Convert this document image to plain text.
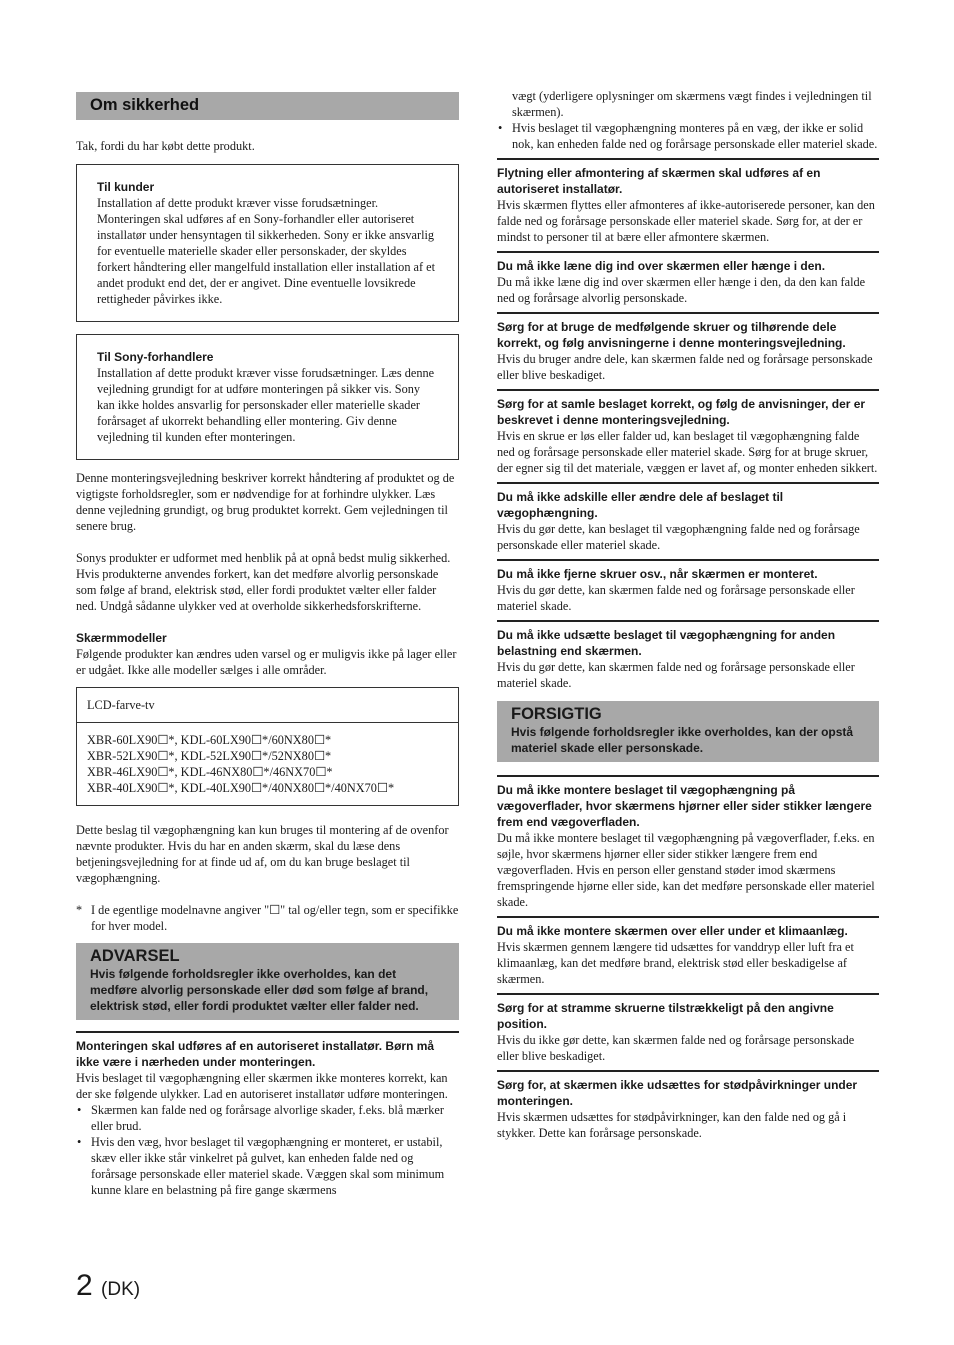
Om sikkerhed

Tak, fordi du har købt dette produkt.

Til kunder

Installation af dette produkt kræver visse forudsætninger. Monteringen skal udføres af en Sony-forhandler eller autoriseret installatør under hensyntagen til sikkerheden. Sony er ikke ansvarlig for eventuelle materielle skader eller personskader, der skyldes forkert håndtering eller mangelfuld installation eller installation af et andet produkt end det, der er angivet. Dine eventuelle lovsikrede rettigheder påvirkes ikke.

Til Sony-forhandlere

Installation af dette produkt kræver visse forudsætninger. Læs denne vejledning grundigt for at udføre monteringen på sikker vis. Sony kan ikke holdes ansvarlig for personskader eller materielle skader forårsaget af ukorrekt behandling eller montering. Giv denne vejledning til kunden efter monteringen.

Denne monteringsvejledning beskriver korrekt håndtering af produktet og de vigtigste forholdsregler, som er nødvendige for at forhindre ulykker. Læs denne vejledning grundigt, og brug produktet korrekt. Gem vejledningen til senere brug.

Sonys produkter er udformet med henblik på at opnå bedst mulig sikkerhed. Hvis produkterne anvendes forkert, kan det medføre alvorlig personskade som følge af brand, elektrisk stød, eller fordi produktet vælter eller falder ned. Undgå sådanne ulykker ved at overholde sikkerhedsforskrifterne.

Skærmmodeller

Følgende produkter kan ændres uden varsel og er muligvis ikke på lager eller er udgået. Ikke alle modeller sælges i alle områder.

LCD-farve-tv
XBR-60LX90☐*, KDL-60LX90☐*/60NX80☐*
XBR-52LX90☐*, KDL-52LX90☐*/52NX80☐*
XBR-46LX90☐*, KDL-46NX80☐*/46NX70☐*
XBR-40LX90☐*, KDL-40LX90☐*/40NX80☐*/40NX70☐*

Dette beslag til vægophængning kan kun bruges til montering af de ovenfor nævnte produkter. Hvis du har en anden skærm, skal du læse dens betjeningsvejledning for at finde ud af, om du kan bruge beslaget til vægophængning.

* I de egentlige modelnavne angiver "☐" tal og/eller tegn, som er specifikke for hver model.
ADVARSEL
Hvis følgende forholdsregler ikke overholdes, kan det medføre alvorlig personskade eller død som følge af brand, elektrisk stød, eller fordi produktet vælter eller falder ned.
Monteringen skal udføres af en autoriseret installatør. Børn må ikke være i nærheden under monteringen.

Hvis beslaget til vægophængning eller skærmen ikke monteres korrekt, kan der ske følgende ulykker. Lad en autoriseret installatør udføre monteringen.

• Skærmen kan falde ned og forårsage alvorlige skader, f.eks. blå mærker eller brud.
• Hvis den væg, hvor beslaget til vægophængning er monteret, er ustabil, skæv eller ikke står vinkelret på gulvet, kan enheden falde ned og forårsage personskade eller materiel skade. Væggen skal som minimum kunne klare en belastning på fire gange skærmens

vægt (yderligere oplysninger om skærmens vægt findes i vejledningen til skærmen).

• Hvis beslaget til vægophængning monteres på en væg, der ikke er solid nok, kan enheden falde ned og forårsage personskade eller materiel skade.
Flytning eller afmontering af skærmen skal udføres af en autoriseret installatør.

Hvis skærmen flyttes eller afmonteres af ikke-autoriserede personer, kan den falde ned og forårsage personskade eller materiel skade. Sørg for, at der er mindst to personer til at bære eller afmontere skærmen.

Du må ikke læne dig ind over skærmen eller hænge i den.

Du må ikke læne dig ind over skærmen eller hænge i den, da den kan falde ned og forårsage alvorlig personskade.

Sørg for at bruge de medfølgende skruer og tilhørende dele korrekt, og følg anvisningerne i denne monteringsvejledning.

Hvis du bruger andre dele, kan skærmen falde ned og forårsage personskade eller blive beskadiget.

Sørg for at samle beslaget korrekt, og følg de anvisninger, der er beskrevet i denne monteringsvejledning.

Hvis en skrue er løs eller falder ud, kan beslaget til vægophængning falde ned og forårsage personskade eller materiel skade. Sørg for at bruge skruer, der egner sig til det materiale, væggen er lavet af, og monter enheden sikkert.

Du må ikke adskille eller ændre dele af beslaget til vægophængning.

Hvis du gør dette, kan beslaget til vægophængning falde ned og forårsage personskade eller materiel skade.

Du må ikke fjerne skruer osv., når skærmen er monteret.

Hvis du gør dette, kan skærmen falde ned og forårsage personskade eller materiel skade.

Du må ikke udsætte beslaget til vægophængning for anden belastning end skærmen.

Hvis du gør dette, kan skærmen falde ned og forårsage personskade eller materiel skade.

FORSIGTIG
Hvis følgende forholdsregler ikke overholdes, kan der opstå materiel skade eller personskade.
Du må ikke montere beslaget til vægophængning på vægoverflader, hvor skærmens hjørner eller sider stikker længere frem end vægoverfladen.

Du må ikke montere beslaget til vægophængning på vægoverflader, f.eks. en søjle, hvor skærmens hjørner eller sider stikker længere frem end vægoverfladen. Hvis en person eller genstand støder imod skærmens fremspringende hjørne eller side, kan det medføre personskade eller materiel skade.

Du må ikke montere skærmen over eller under et klimaanlæg.

Hvis skærmen gennem længere tid udsættes for vanddryp eller luft fra et klimaanlæg, kan det medføre brand, elektrisk stød eller beskadigelse af skærmen.

Sørg for at stramme skruerne tilstrækkeligt på den angivne position.

Hvis du ikke gør dette, kan skærmen falde ned og forårsage personskade eller blive beskadiget.

Sørg for, at skærmen ikke udsættes for stødpåvirkninger under monteringen.

Hvis skærmen udsættes for stødpåvirkninger, kan den falde ned og gå i stykker. Dette kan forårsage personskade.

2 (DK)
